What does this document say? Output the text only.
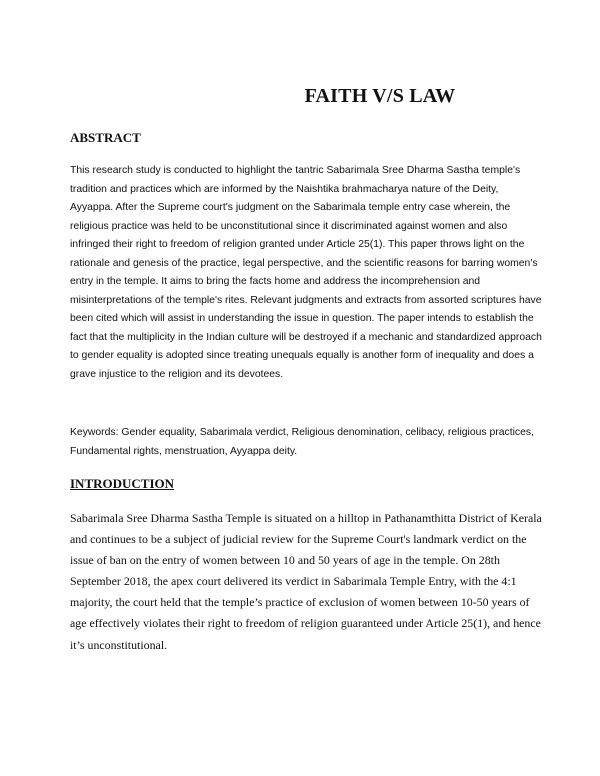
FAITH V/S LAW
ABSTRACT

This research study is conducted to highlight the tantric Sabarimala Sree Dharma Sastha temple's tradition and practices which are informed by the Naishtika brahmacharya nature of the Deity, Ayyappa. After the Supreme court's judgment on the Sabarimala temple entry case wherein, the religious practice was held to be unconstitutional since it discriminated against women and also infringed their right to freedom of religion granted under Article 25(1). This paper throws light on the rationale and genesis of the practice, legal perspective, and the scientific reasons for barring women's entry in the temple. It aims to bring the facts home and address the incomprehension and misinterpretations of the temple's rites. Relevant judgments and extracts from assorted scriptures have been cited which will assist in understanding the issue in question. The paper intends to establish the fact that the multiplicity in the Indian culture will be destroyed if a mechanic and standardized approach to gender equality is adopted since treating unequals equally is another form of inequality and does a grave injustice to the religion and its devotees.

Keywords: Gender equality, Sabarimala verdict, Religious denomination, celibacy, religious practices, Fundamental rights, menstruation, Ayyappa deity.

INTRODUCTION

Sabarimala Sree Dharma Sastha Temple is situated on a hilltop in Pathanamthitta District of Kerala and continues to be a subject of judicial review for the Supreme Court's landmark verdict on the issue of ban on the entry of women between 10 and 50 years of age in the temple. On 28th September 2018, the apex court delivered its verdict in Sabarimala Temple Entry, with the 4:1 majority, the court held that the temple’s practice of exclusion of women between 10-50 years of age effectively violates their right to freedom of religion guaranteed under Article 25(1), and hence it’s unconstitutional.
